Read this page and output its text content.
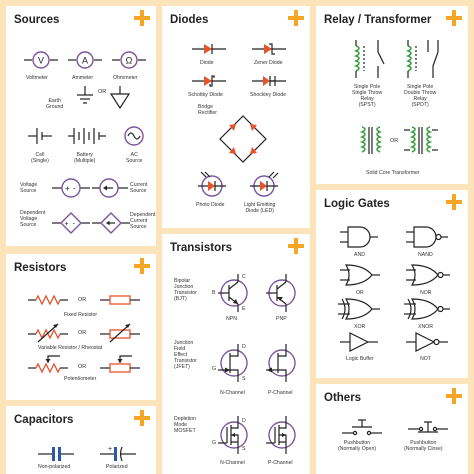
Sources
V
Voltmeter
A
Ammeter
Ω
Ohmmeter
OR
Earth
Ground
Cell
(Single)
Battery
(Multiple)
AC
Source
Voltage
Source	+ -	Current
Source
Dependent
Voltage
Source	+ -
Dependent
Current
Source
Diodes
Diode	Zener Diode
Schottky Diode	Shockley Diode
Bridge
Rectifier
Photo Diode	Light Emitting
Diode (LED)
Relay / Transformer
Single Pole
Single Throw
Relay
(SPST)
Single Pole
Double Throw
Relay
(SPDT)
OR
Solid Core Transformer
Logic Gates
AND	NAND
OR	NOR
XOR	XNOR
Logic Buffer	NOT
Resistors
OR
Fixed Resistor
OR
Variable Resistor / Rheostat
OR
Potentiometer
Transistors
Bipolar
Junction
Transistor
(BJT)
B
C
E
NPN	PNP
Junction
Field
Effect
Transistor
(JFET)	G
D
S
N-Channel	P-Channel
Depletion
Mode
MOSFET
G
D
S
N-Channel	P-Channel
Capacitors
Non-polarized
+
Polarized
Others
Pushbutton
(Normally Open)
Pushbutton
(Normally Close)
